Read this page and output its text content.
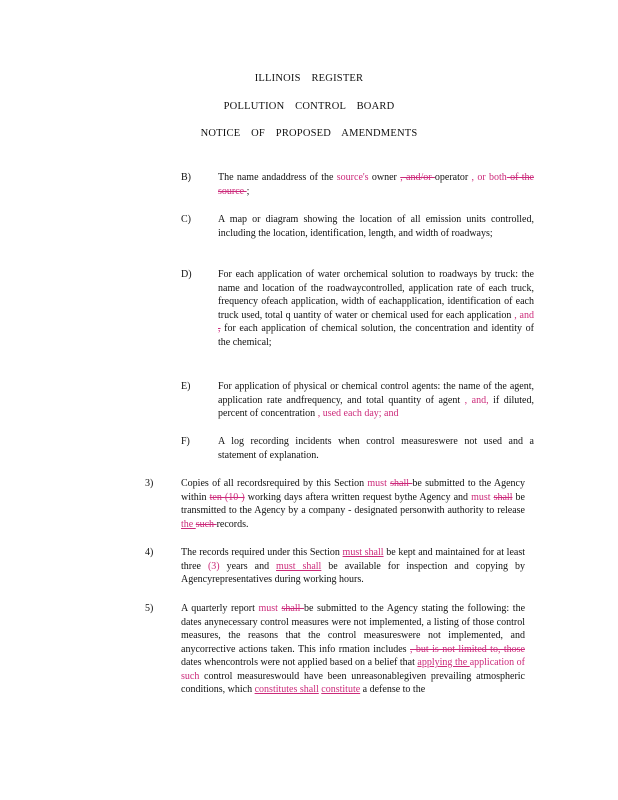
ILLINOIS REGISTER
POLLUTION CONTROL BOARD
NOTICE OF PROPOSED AMENDMENTS
B)	The name andaddress of the source's owner , and/or operator , or both of the source ;
C)	A map or diagram showing the location of all emission units controlled, including the location, identification, length, and width of roadways;
D)	For each application of water orchemical solution to roadways by truck: the name and location of the roadwaycontrolled, application rate of each truck, frequency ofeach application, width of eachapplication, identification of each truck used, total q uantity of water or chemical used for each application , and , for each application of chemical solution, the concentration and identity of the chemical;
E)	For application of physical or chemical control agents: the name of the agent, application rate andfrequency, and total quantity of agent , and, if diluted, percent of concentration , used each day; and
F)	A log recording incidents when control measureswere not used and a statement of explanation.
3)	Copies of all recordsrequired by this Section must shall be submitted to the Agency within ten (10 ) working days aftera written request bythe Agency and must shall be transmitted to the Agency by a company - designated personwith authority to release the such records.
4)	The records required under this Section must shall be kept and maintained for at least three (3) years and must shall be available for inspection and copying by Agencyrepresentatives during working hours.
5)	A quarterly report must shall be submitted to the Agency stating the following: the dates anynecessary control measures were not implemented, a listing of those control measures, the reasons that the control measureswere not implemented, and anycorrective actions taken. This info rmation includes , but is not limited to, those dates whencontrols were not applied based on a belief that applying the application of such control measureswould have been unreasonablegiven prevailing atmospheric conditions, which constitutes shall constitute a defense to the
